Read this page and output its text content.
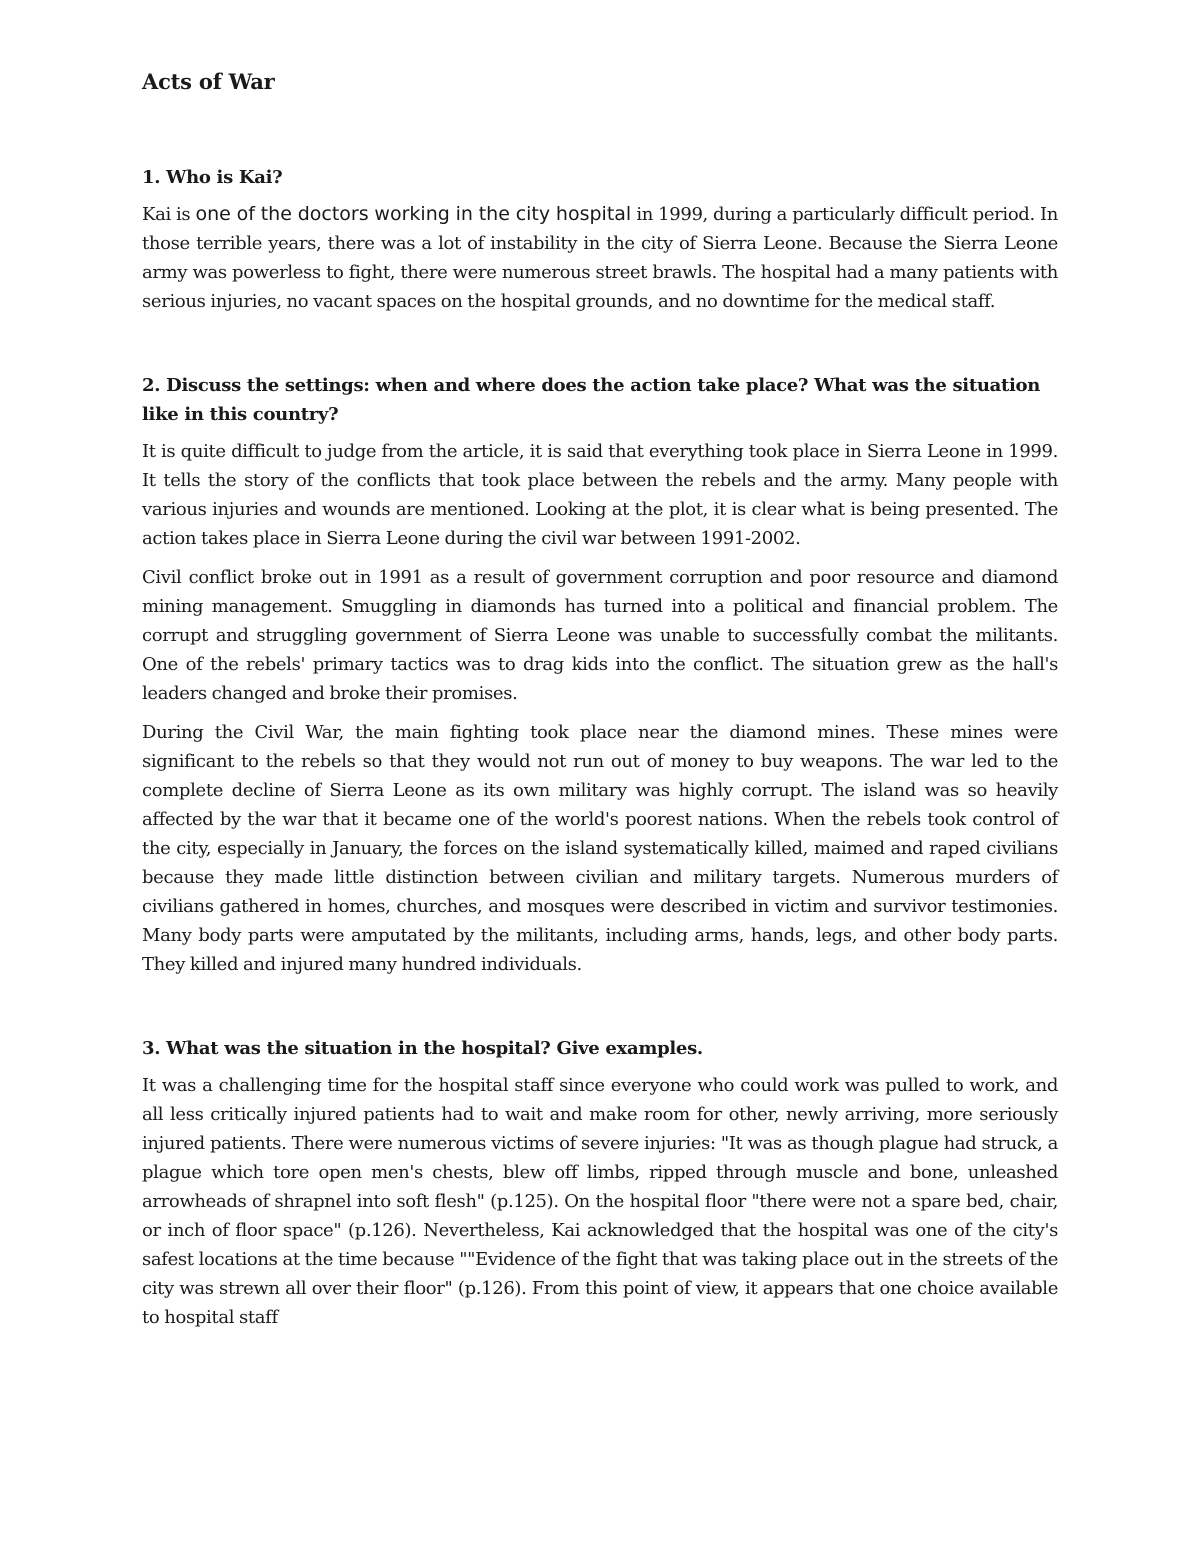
Acts of War

1. Who is Kai?

Kai is one of the doctors working in the city hospital in 1999, during a particularly difficult period. In those terrible years, there was a lot of instability in the city of Sierra Leone. Because the Sierra Leone army was powerless to fight, there were numerous street brawls. The hospital had a many patients with serious injuries, no vacant spaces on the hospital grounds, and no downtime for the medical staff.

2. Discuss the settings: when and where does the action take place? What was the situation like in this country?

It is quite difficult to judge from the article, it is said that everything took place in Sierra Leone in 1999. It tells the story of the conflicts that took place between the rebels and the army. Many people with various injuries and wounds are mentioned. Looking at the plot, it is clear what is being presented. The action takes place in Sierra Leone during the civil war between 1991-2002.

Civil conflict broke out in 1991 as a result of government corruption and poor resource and diamond mining management. Smuggling in diamonds has turned into a political and financial problem. The corrupt and struggling government of Sierra Leone was unable to successfully combat the militants. One of the rebels' primary tactics was to drag kids into the conflict. The situation grew as the hall's leaders changed and broke their promises.

During the Civil War, the main fighting took place near the diamond mines. These mines were significant to the rebels so that they would not run out of money to buy weapons. The war led to the complete decline of Sierra Leone as its own military was highly corrupt. The island was so heavily affected by the war that it became one of the world's poorest nations. When the rebels took control of the city, especially in January, the forces on the island systematically killed, maimed and raped civilians because they made little distinction between civilian and military targets. Numerous murders of civilians gathered in homes, churches, and mosques were described in victim and survivor testimonies. Many body parts were amputated by the militants, including arms, hands, legs, and other body parts. They killed and injured many hundred individuals.

3. What was the situation in the hospital? Give examples.

It was a challenging time for the hospital staff since everyone who could work was pulled to work, and all less critically injured patients had to wait and make room for other, newly arriving, more seriously injured patients. There were numerous victims of severe injuries: "It was as though plague had struck, a plague which tore open men's chests, blew off limbs, ripped through muscle and bone, unleashed arrowheads of shrapnel into soft flesh" (p.125). On the hospital floor "there were not a spare bed, chair, or inch of floor space" (p.126). Nevertheless, Kai acknowledged that the hospital was one of the city's safest locations at the time because ""Evidence of the fight that was taking place out in the streets of the city was strewn all over their floor" (p.126). From this point of view, it appears that one choice available to hospital staff
